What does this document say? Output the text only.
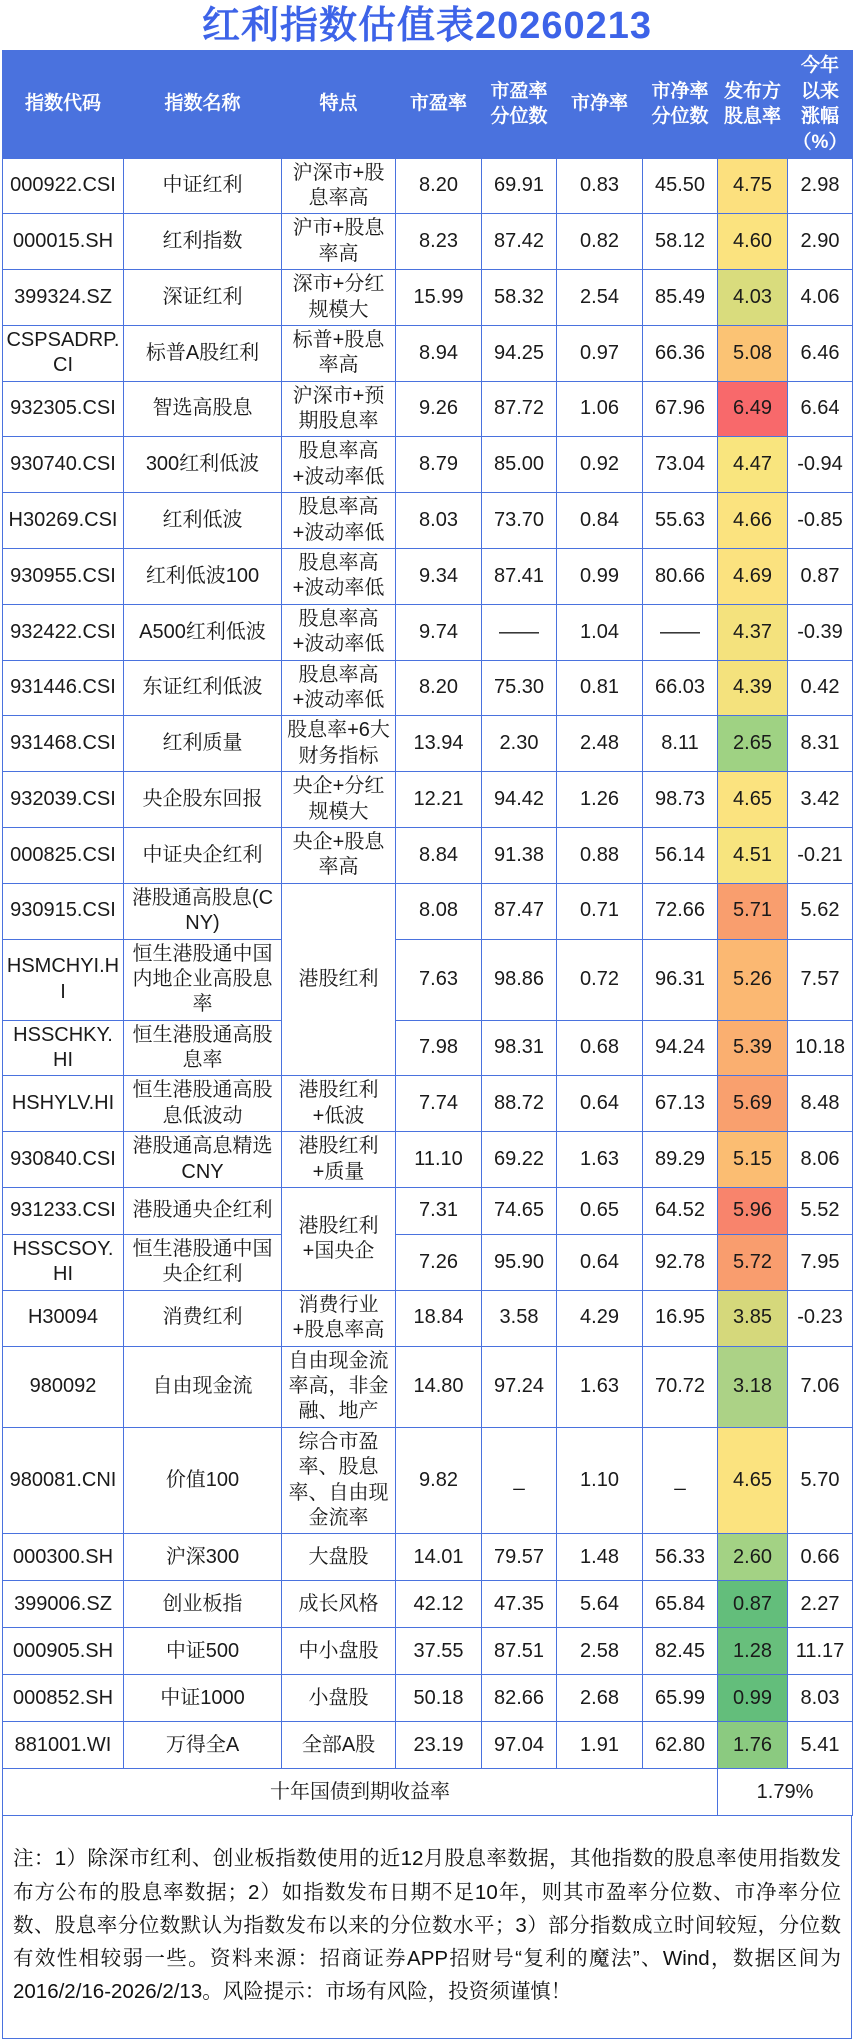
红利指数估值表20260213
指数代码	指数名称	特点	市盈率	市盈率分位数	市净率	市净率分位数	发布方股息率	今年以来涨幅（%）
000922.CSI	中证红利	沪深市+股息率高	8.20	69.91	0.83	45.50	4.75	2.98
000015.SH	红利指数	沪市+股息率高	8.23	87.42	0.82	58.12	4.60	2.90
399324.SZ	深证红利	深市+分红规模大	15.99	58.32	2.54	85.49	4.03	4.06
CSPSADRP.CI	标普A股红利	标普+股息率高	8.94	94.25	0.97	66.36	5.08	6.46
932305.CSI	智选高股息	沪深市+预期股息率	9.26	87.72	1.06	67.96	6.49	6.64
930740.CSI	300红利低波	股息率高+波动率低	8.79	85.00	0.92	73.04	4.47	-0.94
H30269.CSI	红利低波	股息率高+波动率低	8.03	73.70	0.84	55.63	4.66	-0.85
930955.CSI	红利低波100	股息率高+波动率低	9.34	87.41	0.99	80.66	4.69	0.87
932422.CSI	A500红利低波	股息率高+波动率低	9.74	——	1.04	——	4.37	-0.39
931446.CSI	东证红利低波	股息率高+波动率低	8.20	75.30	0.81	66.03	4.39	0.42
931468.CSI	红利质量	股息率+6大财务指标	13.94	2.30	2.48	8.11	2.65	8.31
932039.CSI	央企股东回报	央企+分红规模大	12.21	94.42	1.26	98.73	4.65	3.42
000825.CSI	中证央企红利	央企+股息率高	8.84	91.38	0.88	56.14	4.51	-0.21
930915.CSI	港股通高股息(CNY)	港股红利	8.08	87.47	0.71	72.66	5.71	5.62
HSMCHYI.HI	恒生港股通中国内地企业高股息率		7.63	98.86	0.72	96.31	5.26	7.57
HSSCHKY.HI	恒生港股通高股息率		7.98	98.31	0.68	94.24	5.39	10.18
HSHYLV.HI	恒生港股通高股息低波动	港股红利+低波	7.74	88.72	0.64	67.13	5.69	8.48
930840.CSI	港股通高息精选CNY	港股红利+质量	11.10	69.22	1.63	89.29	5.15	8.06
931233.CSI	港股通央企红利	港股红利+国央企	7.31	74.65	0.65	64.52	5.96	5.52
HSSCSOY.HI	恒生港股通中国央企红利		7.26	95.90	0.64	92.78	5.72	7.95
H30094	消费红利	消费行业+股息率高	18.84	3.58	4.29	16.95	3.85	-0.23
980092	自由现金流	自由现金流率高，非金融、地产	14.80	97.24	1.63	70.72	3.18	7.06
980081.CNI	价值100	综合市盈率、股息率、自由现金流率	9.82	_	1.10	_	4.65	5.70
000300.SH	沪深300	大盘股	14.01	79.57	1.48	56.33	2.60	0.66
399006.SZ	创业板指	成长风格	42.12	47.35	5.64	65.84	0.87	2.27
000905.SH	中证500	中小盘股	37.55	87.51	2.58	82.45	1.28	11.17
000852.SH	中证1000	小盘股	50.18	82.66	2.68	65.99	0.99	8.03
881001.WI	万得全A	全部A股	23.19	97.04	1.91	62.80	1.76	5.41
十年国债到期收益率							1.79%	
注：1）除深市红利、创业板指数使用的近12月股息率数据，其他指数的股息率使用指数发布方公布的股息率数据；2）如指数发布日期不足10年，则其市盈率分位数、市净率分位数、股息率分位数默认为指数发布以来的分位数水平；3）部分指数成立时间较短，分位数有效性相较弱一些。资料来源：招商证券APP招财号“复利的魔法”、Wind，数据区间为2016/2/16-2026/2/13。风险提示：市场有风险，投资须谨慎！
